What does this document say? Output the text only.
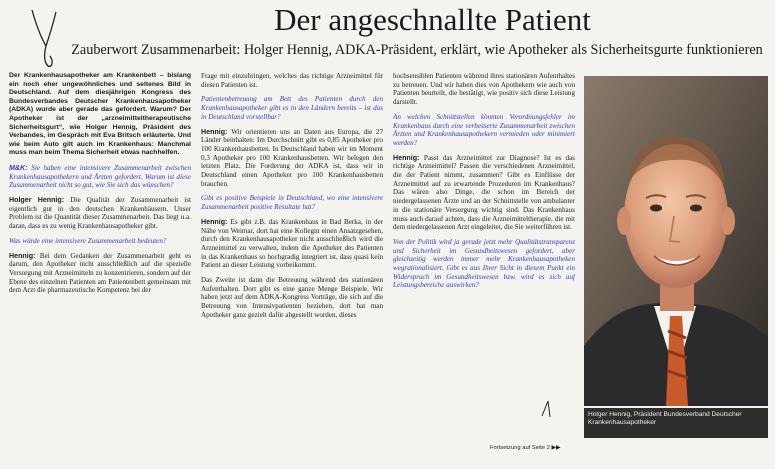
Der angeschnallte Patient

Zauberwort Zusammenarbeit: Holger Hennig, ADKA-Präsident, erklärt, wie Apotheker als Sicherheitsgurte funktionieren

Der Krankenhausapotheker am Krankenbett – bislang ein noch eher ungewöhnliches und seltenes Bild in Deutschland. Auf dem diesjährigen Kongress des Bundesverbandes Deutscher Krankenhausapotheker (ADKA) wurde aber gerade das gefordert. Warum? Der Apotheker ist der „arzneimitteltherapeutische Sicherheitsgurt“, wie Holger Hennig, Präsident des Verbandes, im Gespräch mit Eva Britsch erläuterte. Und wie beim Auto gilt auch im Krankenhaus: Manchmal muss man beim Thema Sicherheit etwas nachhelfen.

M&K: Sie haben eine intensivere Zusammenarbeit zwischen Krankenhausapothekern und Ärzten gefordert. Warum ist diese Zusammenarbeit nicht so gut, wie Sie sich das wünschen?

Holger Hennig: Die Qualität der Zusammenarbeit ist eigentlich gut in den deutschen Krankenhäusern. Unser Problem ist die Quantität dieser Zusammenarbeit. Das liegt u.a. daran, dass es zu wenig Krankenhausapotheker gibt.

Was würde eine intensivere Zusammenarbeit bedeuten?

Hennig: Bei dem Gedanken der Zusammenarbeit geht es darum, den Apotheker nicht ausschließlich auf die spezielle Versorgung mit Arzneimitteln zu konzentrieren, sondern auf der Ebene des einzelnen Patienten am Patientenbett gemeinsam mit dem Arzt die pharmazeutische Kompetenz bei der

Frage mit einzubringen, welches das richtige Arzneimittel für diesen Patienten ist.

Patientenbetreuung am Bett des Patienten durch den Krankenhausapotheker gibt es in den Ländern bereits – ist das in Deutschland vorstellbar?

Hennig: Wir orientieren uns an Daten aus Europa, die 27 Länder beinhalten: Im Durchschnitt gibt es 0,85 Apotheker pro 100 Krankenhausbetten. In Deutschland haben wir im Moment 0,3 Apotheker pro 100 Krankenhausbetten. Wir belegen den letzten Platz. Die Forderung der ADKA ist, dass wir in Deutschland einen Apotheker pro 100 Krankenhausbetten brauchen.

Gibt es positive Beispiele in Deutschland, wo eine intensivere Zusammenarbeit positive Resultate hat?

Hennig: Es gibt z.B. das Krankenhaus in Bad Berka, in der Nähe von Weimar, dort hat eine Kollegin einen Ansatzgesehen, durch den Krankenhausapotheker nicht ausschließlich wird die Arzneimittel zu verwalten, indem die Apotheker des Patienten in das Krankenhaus so hochgradig integriert ist, dass quasi kein Patient an dieser Leistung vorbeikommt.

Das Zweite ist dann die Betreuung während des stationären Aufenthalten. Dort gibt es eine ganze Menge Beispiele. Wir haben jetzt auf dem ADKA-Kongress Vorträge, die sich auf die Betreuung von Intensivpatienten beziehen, dort hat man Apotheker ganz gezielt dafür abgestellt worden, dieses

hochsensiblen Patienten während ihres stationären Aufenthaltes zu betreuen. Und wir haben dies von Apothekern wie auch von Patienten beurteilt, die bestätigt, wie positiv sich diese Leistung darstellt.

An welchen Schnittstellen könnten Verordnungsfehler im Krankenhaus durch eine verbesserte Zusammenarbeit zwischen Ärzten und Krankenhausapothekern vermieden oder minimiert werden?

Hennig: Passt das Arzneimittel zur Diagnose? Ist es das richtige Arzneimittel? Passen die verschiedenen Arzneimittel, die der Patient nimmt, zusammen? Gibt es Einflüsse der Arzneimittel auf zu erwartende Prozeduren im Krankenhaus? Das wären also Dinge, die schon im Bereich der niedergelassenen Ärzte und an der Schnittstelle von ambulanter in die stationäre Versorgung wichtig sind. Das Krankenhaus muss auch darauf achten, dass die Arzneimitteltherapie, die mit dem niedergelassenen Arzt eingeleitet, die Sie weiterführen ist.

Von der Politik wird ja gerade jetzt mehr Qualitätstransparenz und Sicherheit im Gesundheitswesen gefordert, aber gleichzeitig werden immer mehr Krankenhausapotheken wegrationalisiert. Gibt es aus Ihrer Sicht in diesem Punkt ein Widerspruch im Gesundheitswesen bzw. wird es sich auf Leistungsbereiche auswirken?

Holger Hennig, Präsident Bundesverband Deutscher Krankenhausapotheker
Fortsetzung auf Seite 2 ▶▶
